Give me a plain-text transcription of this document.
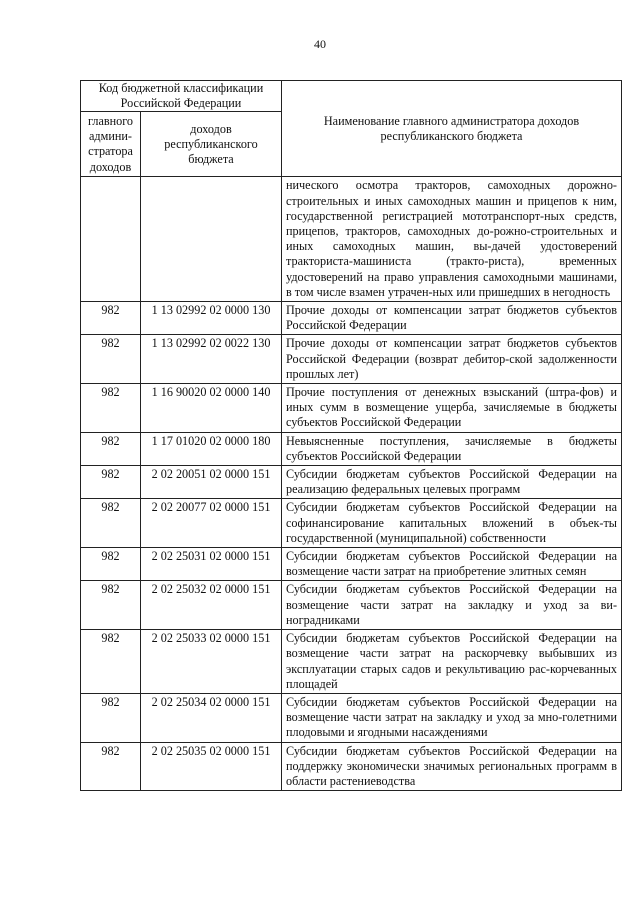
40
Код бюджетной классификации Российской Федерации		Наименование главного администратора доходов республиканского бюджета
главного админи-стратора доходов	доходов республиканского бюджета	
		нического осмотра тракторов, самоходных дорожно-строительных и иных самоходных машин и прицепов к ним, государственной регистрацией мототранспорт-ных средств, прицепов, тракторов, самоходных до-рожно-строительных и иных самоходных машин, вы-дачей удостоверений тракториста-машиниста (тракто-риста), временных удостоверений на право управления самоходными машинами, в том числе взамен утрачен-ных или пришедших в негодность
982	1 13 02992 02 0000 130	Прочие доходы от компенсации затрат бюджетов субъектов Российской Федерации
982	1 13 02992 02 0022 130	Прочие доходы от компенсации затрат бюджетов субъектов Российской Федерации (возврат дебитор-ской задолженности прошлых лет)
982	1 16 90020 02 0000 140	Прочие поступления от денежных взысканий (штра-фов) и иных сумм в возмещение ущерба, зачисляемые в бюджеты субъектов Российской Федерации
982	1 17 01020 02 0000 180	Невыясненные поступления, зачисляемые в бюджеты субъектов Российской Федерации
982	2 02 20051 02 0000 151	Субсидии бюджетам субъектов Российской Федерации на реализацию федеральных целевых программ
982	2 02 20077 02 0000 151	Субсидии бюджетам субъектов Российской Федерации на софинансирование капитальных вложений в объек-ты государственной (муниципальной) собственности
982	2 02 25031 02 0000 151	Субсидии бюджетам субъектов Российской Федерации на возмещение части затрат на приобретение элитных семян
982	2 02 25032 02 0000 151	Субсидии бюджетам субъектов Российской Федерации на возмещение части затрат на закладку и уход за ви-ноградниками
982	2 02 25033 02 0000 151	Субсидии бюджетам субъектов Российской Федерации на возмещение части затрат на раскорчевку выбывших из эксплуатации старых садов и рекультивацию рас-корчеванных площадей
982	2 02 25034 02 0000 151	Субсидии бюджетам субъектов Российской Федерации на возмещение части затрат на закладку и уход за мно-голетними плодовыми и ягодными насаждениями
982	2 02 25035 02 0000 151	Субсидии бюджетам субъектов Российской Федерации на поддержку экономически значимых региональных программ в области растениеводства
